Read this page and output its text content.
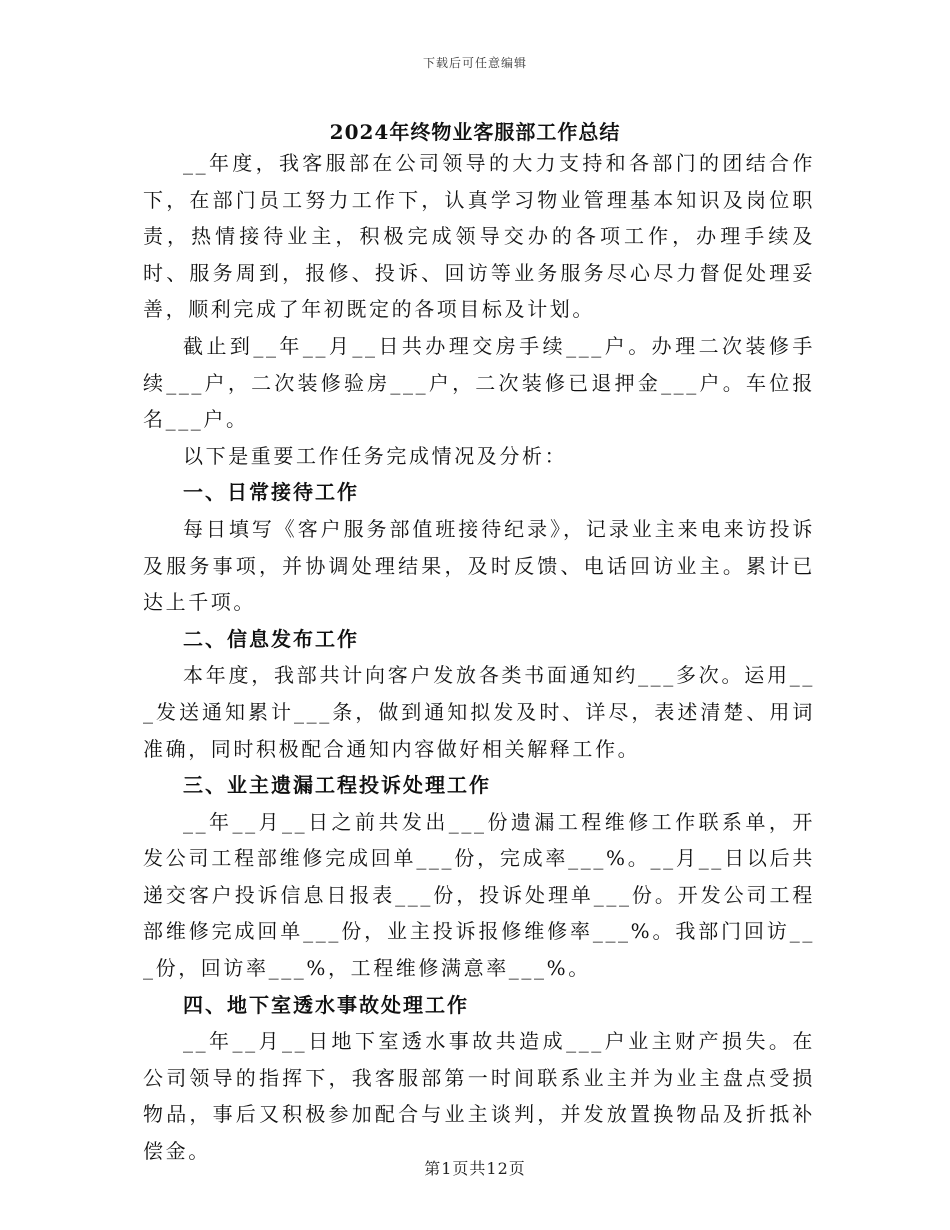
下载后可任意编辑
2024年终物业客服部工作总结

__年度，我客服部在公司领导的大力支持和各部门的团结合作下，在部门员工努力工作下，认真学习物业管理基本知识及岗位职责，热情接待业主，积极完成领导交办的各项工作，办理手续及时、服务周到，报修、投诉、回访等业务服务尽心尽力督促处理妥善，顺利完成了年初既定的各项目标及计划。

截止到__年__月__日共办理交房手续___户。办理二次装修手续___户，二次装修验房___户，二次装修已退押金___户。车位报名___户。

以下是重要工作任务完成情况及分析：

一、日常接待工作

每日填写《客户服务部值班接待纪录》，记录业主来电来访投诉及服务事项，并协调处理结果，及时反馈、电话回访业主。累计已达上千项。

二、信息发布工作

本年度，我部共计向客户发放各类书面通知约___多次。运用___发送通知累计___条，做到通知拟发及时、详尽，表述清楚、用词准确，同时积极配合通知内容做好相关解释工作。

三、业主遗漏工程投诉处理工作

__年__月__日之前共发出___份遗漏工程维修工作联系单，开发公司工程部维修完成回单___份，完成率___%。__月__日以后共递交客户投诉信息日报表___份，投诉处理单___份。开发公司工程部维修完成回单___份，业主投诉报修维修率___%。我部门回访___份，回访率___%，工程维修满意率___%。

四、地下室透水事故处理工作

__年__月__日地下室透水事故共造成___户业主财产损失。在公司领导的指挥下，我客服部第一时间联系业主并为业主盘点受损物品，事后又积极参加配合与业主谈判，并发放置换物品及折抵补偿金。

第1页共12页
